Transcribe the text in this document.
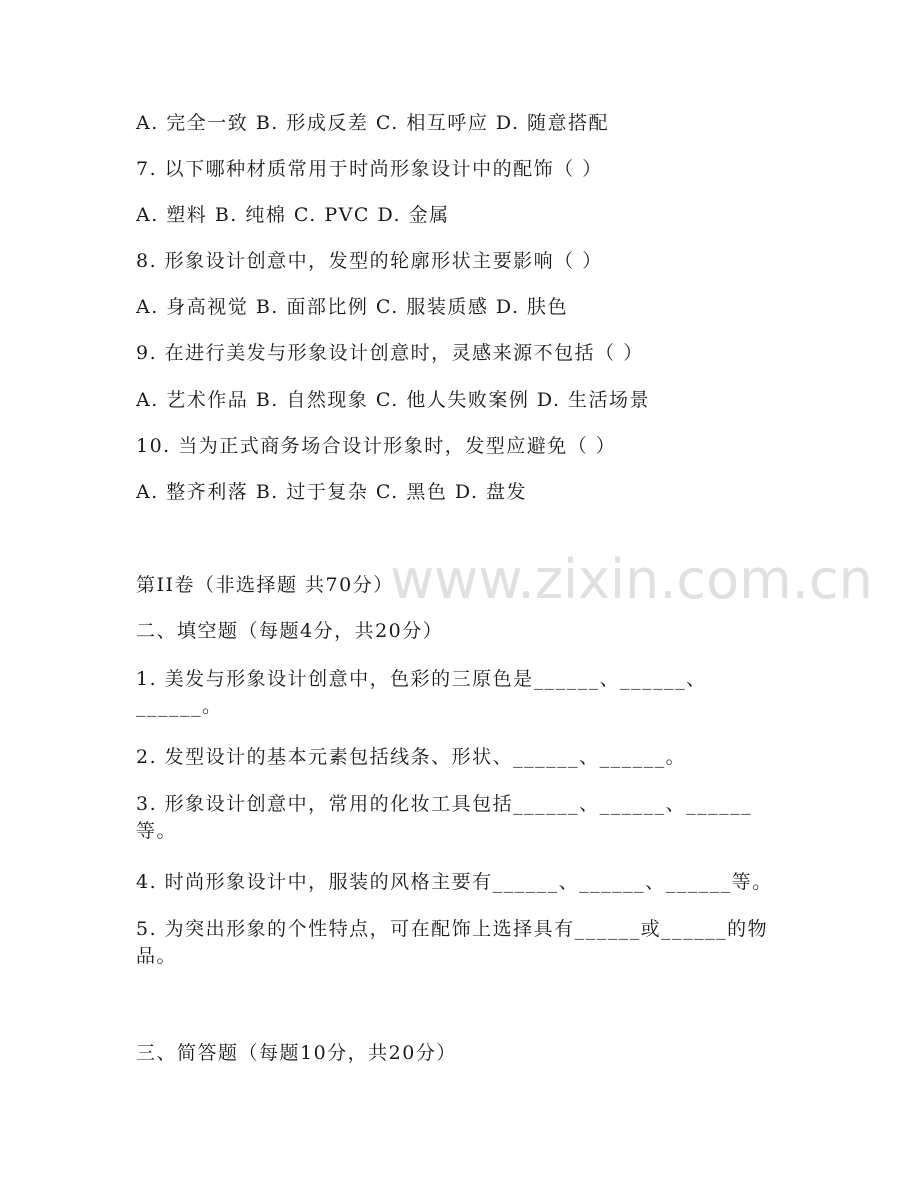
www.zixin.com.cn
A. 完全一致 B. 形成反差 C. 相互呼应 D. 随意搭配
7. 以下哪种材质常用于时尚形象设计中的配饰（ ）
A. 塑料 B. 纯棉 C. PVC D. 金属
8. 形象设计创意中，发型的轮廓形状主要影响（ ）
A. 身高视觉 B. 面部比例 C. 服装质感 D. 肤色
9. 在进行美发与形象设计创意时，灵感来源不包括（ ）
A. 艺术作品 B. 自然现象 C. 他人失败案例 D. 生活场景
10. 当为正式商务场合设计形象时，发型应避免（ ）
A. 整齐利落 B. 过于复杂 C. 黑色 D. 盘发
第II卷（非选择题 共70分）
二、填空题（每题4分，共20分）
1. 美发与形象设计创意中，色彩的三原色是______、______、______。
2. 发型设计的基本元素包括线条、形状、______、______。
3. 形象设计创意中，常用的化妆工具包括______、______、______等。
4. 时尚形象设计中，服装的风格主要有______、______、______等。
5. 为突出形象的个性特点，可在配饰上选择具有______或______的物品。
三、简答题（每题10分，共20分）
